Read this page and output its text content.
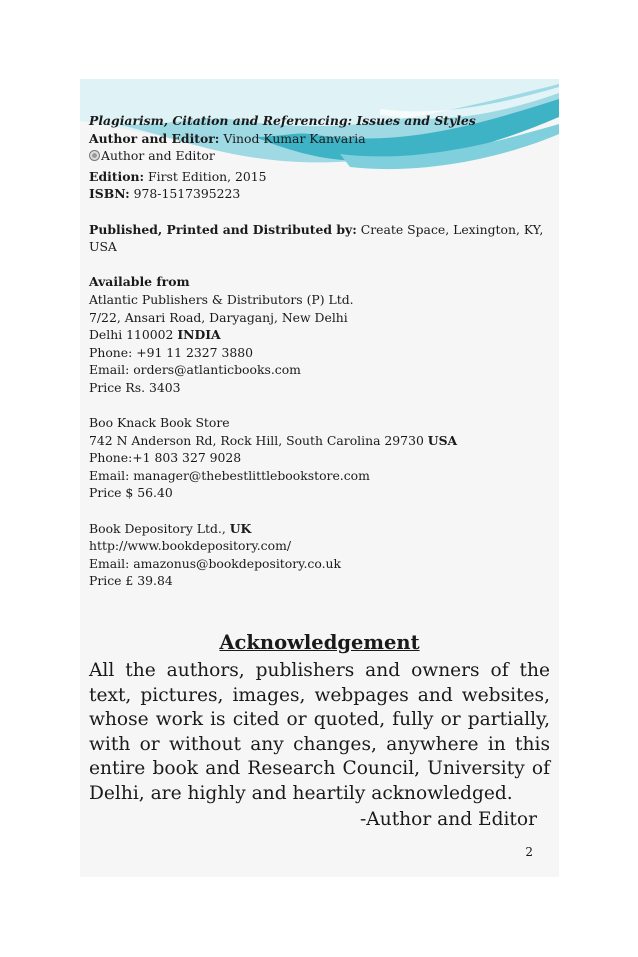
Plagiarism, Citation and Referencing: Issues and Styles
Author and Editor: Vinod Kumar Kanvaria
Author and Editor
Edition: First Edition, 2015
ISBN: 978-1517395223
Published, Printed and Distributed by: Create Space, Lexington, KY, USA
Available from
Atlantic Publishers & Distributors (P) Ltd.
7/22, Ansari Road, Daryaganj, New Delhi
Delhi 110002 INDIA
Phone: +91 11 2327 3880
Email: orders@atlanticbooks.com
Price Rs. 3403
Boo Knack Book Store
742 N Anderson Rd, Rock Hill, South Carolina 29730 USA
Phone:+1 803 327 9028
Email: manager@thebestlittlebookstore.com
Price $ 56.40
Book Depository Ltd., UK
http://www.bookdepository.com/
Email: amazonus@bookdepository.co.uk
Price £ 39.84
Acknowledgement
All the authors, publishers and owners of the text, pictures, images, webpages and websites, whose work is cited or quoted, fully or partially, with or without any changes, anywhere in this entire book and Research Council, University of Delhi, are highly and heartily acknowledged.
-Author and Editor
2
